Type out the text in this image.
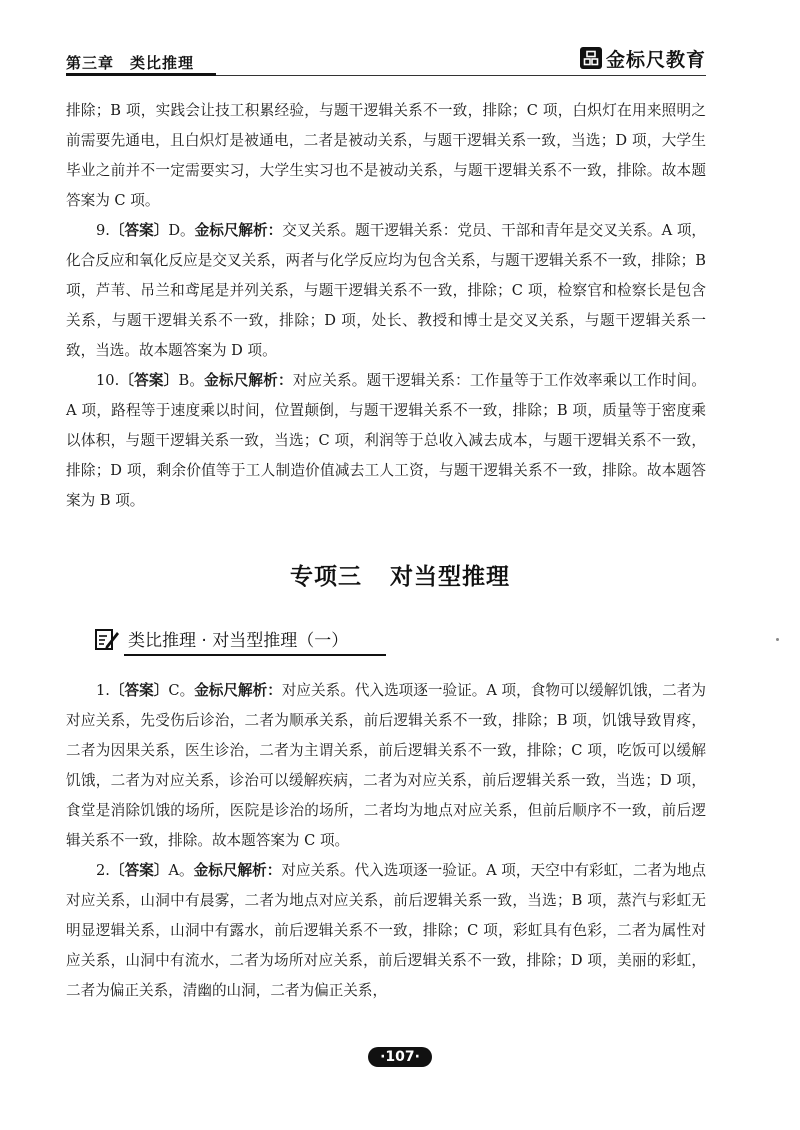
第三章　类比推理	金标尺教育

排除；B 项，实践会让技工积累经验，与题干逻辑关系不一致，排除；C 项，白炽灯在用来照明之前需要先通电，且白炽灯是被通电，二者是被动关系，与题干逻辑关系一致，当选；D 项，大学生毕业之前并不一定需要实习，大学生实习也不是被动关系，与题干逻辑关系不一致，排除。故本题答案为 C 项。

9.〔答案〕D。金标尺解析：交叉关系。题干逻辑关系：党员、干部和青年是交叉关系。A 项，化合反应和氧化反应是交叉关系，两者与化学反应均为包含关系，与题干逻辑关系不一致，排除；B 项，芦苇、吊兰和鸢尾是并列关系，与题干逻辑关系不一致，排除；C 项，检察官和检察长是包含关系，与题干逻辑关系不一致，排除；D 项，处长、教授和博士是交叉关系，与题干逻辑关系一致，当选。故本题答案为 D 项。

10.〔答案〕B。金标尺解析：对应关系。题干逻辑关系：工作量等于工作效率乘以工作时间。A 项，路程等于速度乘以时间，位置颠倒，与题干逻辑关系不一致，排除；B 项，质量等于密度乘以体积，与题干逻辑关系一致，当选；C 项，利润等于总收入减去成本，与题干逻辑关系不一致，排除；D 项，剩余价值等于工人制造价值减去工人工资，与题干逻辑关系不一致，排除。故本题答案为 B 项。

专项三 对当型推理
类比推理 · 对当型推理（一）

1.〔答案〕C。金标尺解析：对应关系。代入选项逐一验证。A 项，食物可以缓解饥饿，二者为对应关系，先受伤后诊治，二者为顺承关系，前后逻辑关系不一致，排除；B 项，饥饿导致胃疼，二者为因果关系，医生诊治，二者为主谓关系，前后逻辑关系不一致，排除；C 项，吃饭可以缓解饥饿，二者为对应关系，诊治可以缓解疾病，二者为对应关系，前后逻辑关系一致，当选；D 项，食堂是消除饥饿的场所，医院是诊治的场所，二者均为地点对应关系，但前后顺序不一致，前后逻辑关系不一致，排除。故本题答案为 C 项。

2.〔答案〕A。金标尺解析：对应关系。代入选项逐一验证。A 项，天空中有彩虹，二者为地点对应关系，山洞中有晨雾，二者为地点对应关系，前后逻辑关系一致，当选；B 项，蒸汽与彩虹无明显逻辑关系，山洞中有露水，前后逻辑关系不一致，排除；C 项，彩虹具有色彩，二者为属性对应关系，山洞中有流水，二者为场所对应关系，前后逻辑关系不一致，排除；D 项，美丽的彩虹，二者为偏正关系，清幽的山洞，二者为偏正关系，

·107·
